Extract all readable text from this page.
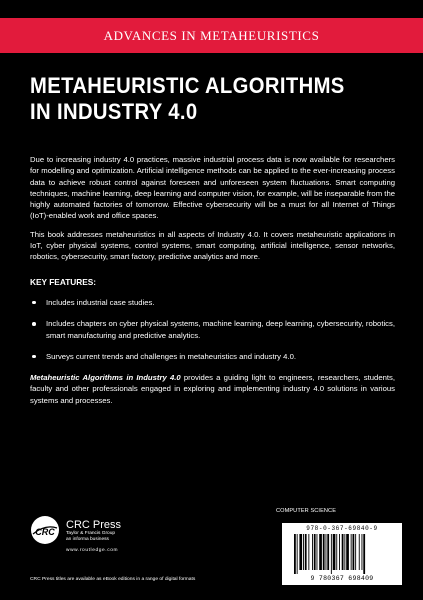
ADVANCES IN METAHEURISTICS
METAHEURISTIC ALGORITHMS
IN INDUSTRY 4.0

Due to increasing industry 4.0 practices, massive industrial process data is now available for researchers for modelling and optimization. Artificial intelligence methods can be applied to the ever-increasing process data to achieve robust control against foreseen and unforeseen system fluctuations. Smart computing techniques, machine learning, deep learning and computer vision, for example, will be inseparable from the highly automated factories of tomorrow. Effective cybersecurity will be a must for all Internet of Things (IoT)-enabled work and office spaces.

This book addresses metaheuristics in all aspects of Industry 4.0. It covers metaheuristic applications in IoT, cyber physical systems, control systems, smart computing, artificial intelligence, sensor networks, robotics, cybersecurity, smart factory, predictive analytics and more.

KEY FEATURES:
Includes industrial case studies.
Includes chapters on cyber physical systems, machine learning, deep learning, cybersecurity, robotics, smart manufacturing and predictive analytics.
Surveys current trends and challenges in metaheuristics and industry 4.0.

Metaheuristic Algorithms in Industry 4.0 provides a guiding light to engineers, researchers, students, faculty and other professionals engaged in exploring and implementing industry 4.0 solutions in various systems and processes.

COMPUTER SCIENCE
CRC
CRC Press
Taylor & Francis Group
an informa business
www.routledge.com
CRC Press titles are available as eBook editions in a range of digital formats
978-0-367-69840-9
9 780367 698409
